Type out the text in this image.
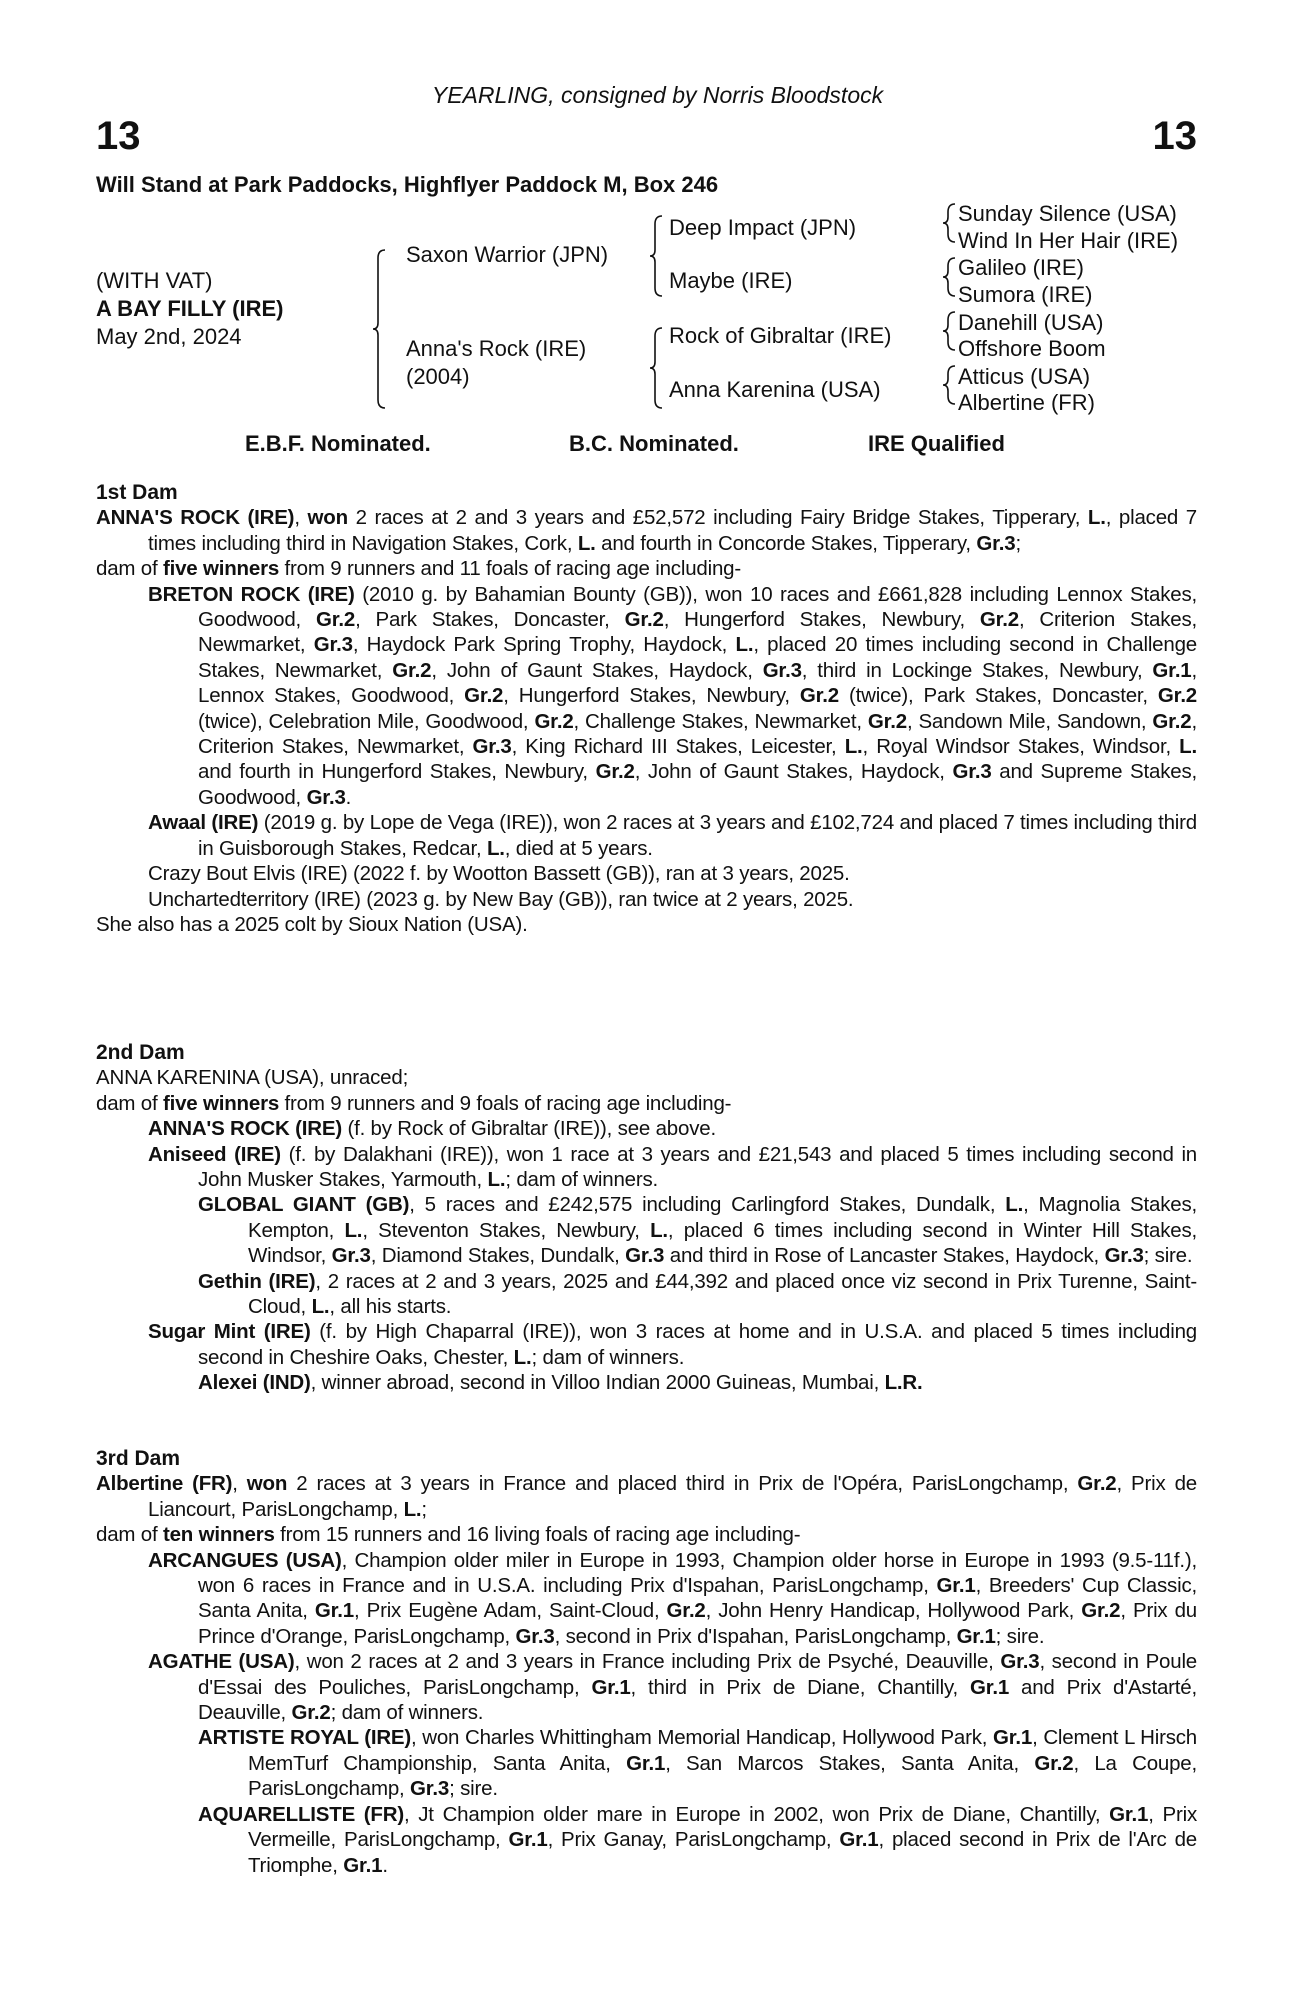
YEARLING, consigned by Norris Bloodstock
13	13
Will Stand at Park Paddocks, Highflyer Paddock M, Box 246
(WITH VAT)
A BAY FILLY (IRE)
May 2nd, 2024
Saxon Warrior (JPN)
Anna's Rock (IRE)
(2004)
Deep Impact (JPN)
Maybe (IRE)
Rock of Gibraltar (IRE)
Anna Karenina (USA)
Sunday Silence (USA)
Wind In Her Hair (IRE)
Galileo (IRE)
Sumora (IRE)
Danehill (USA)
Offshore Boom
Atticus (USA)
Albertine (FR)
E.B.F. Nominated.	B.C. Nominated.	IRE Qualified
1st Dam
ANNA'S ROCK (IRE), won 2 races at 2 and 3 years and £52,572 including Fairy Bridge Stakes, Tipperary, L., placed 7 times including third in Navigation Stakes, Cork, L. and fourth in Concorde Stakes, Tipperary, Gr.3;
dam of five winners from 9 runners and 11 foals of racing age including-
BRETON ROCK (IRE) (2010 g. by Bahamian Bounty (GB)), won 10 races and £661,828 including Lennox Stakes, Goodwood, Gr.2, Park Stakes, Doncaster, Gr.2, Hungerford Stakes, Newbury, Gr.2, Criterion Stakes, Newmarket, Gr.3, Haydock Park Spring Trophy, Haydock, L., placed 20 times including second in Challenge Stakes, Newmarket, Gr.2, John of Gaunt Stakes, Haydock, Gr.3, third in Lockinge Stakes, Newbury, Gr.1, Lennox Stakes, Goodwood, Gr.2, Hungerford Stakes, Newbury, Gr.2 (twice), Park Stakes, Doncaster, Gr.2 (twice), Celebration Mile, Goodwood, Gr.2, Challenge Stakes, Newmarket, Gr.2, Sandown Mile, Sandown, Gr.2, Criterion Stakes, Newmarket, Gr.3, King Richard III Stakes, Leicester, L., Royal Windsor Stakes, Windsor, L. and fourth in Hungerford Stakes, Newbury, Gr.2, John of Gaunt Stakes, Haydock, Gr.3 and Supreme Stakes, Goodwood, Gr.3.
Awaal (IRE) (2019 g. by Lope de Vega (IRE)), won 2 races at 3 years and £102,724 and placed 7 times including third in Guisborough Stakes, Redcar, L., died at 5 years.
Crazy Bout Elvis (IRE) (2022 f. by Wootton Bassett (GB)), ran at 3 years, 2025.
Unchartedterritory (IRE) (2023 g. by New Bay (GB)), ran twice at 2 years, 2025.
She also has a 2025 colt by Sioux Nation (USA).
2nd Dam
ANNA KARENINA (USA), unraced;
dam of five winners from 9 runners and 9 foals of racing age including-
ANNA'S ROCK (IRE) (f. by Rock of Gibraltar (IRE)), see above.
Aniseed (IRE) (f. by Dalakhani (IRE)), won 1 race at 3 years and £21,543 and placed 5 times including second in John Musker Stakes, Yarmouth, L.; dam of winners.
GLOBAL GIANT (GB), 5 races and £242,575 including Carlingford Stakes, Dundalk, L., Magnolia Stakes, Kempton, L., Steventon Stakes, Newbury, L., placed 6 times including second in Winter Hill Stakes, Windsor, Gr.3, Diamond Stakes, Dundalk, Gr.3 and third in Rose of Lancaster Stakes, Haydock, Gr.3; sire.
Gethin (IRE), 2 races at 2 and 3 years, 2025 and £44,392 and placed once viz second in Prix Turenne, Saint-Cloud, L., all his starts.
Sugar Mint (IRE) (f. by High Chaparral (IRE)), won 3 races at home and in U.S.A. and placed 5 times including second in Cheshire Oaks, Chester, L.; dam of winners.
Alexei (IND), winner abroad, second in Villoo Indian 2000 Guineas, Mumbai, L.R.
3rd Dam
Albertine (FR), won 2 races at 3 years in France and placed third in Prix de l'Opéra, ParisLongchamp, Gr.2, Prix de Liancourt, ParisLongchamp, L.;
dam of ten winners from 15 runners and 16 living foals of racing age including-
ARCANGUES (USA), Champion older miler in Europe in 1993, Champion older horse in Europe in 1993 (9.5-11f.), won 6 races in France and in U.S.A. including Prix d'Ispahan, ParisLongchamp, Gr.1, Breeders' Cup Classic, Santa Anita, Gr.1, Prix Eugène Adam, Saint-Cloud, Gr.2, John Henry Handicap, Hollywood Park, Gr.2, Prix du Prince d'Orange, ParisLongchamp, Gr.3, second in Prix d'Ispahan, ParisLongchamp, Gr.1; sire.
AGATHE (USA), won 2 races at 2 and 3 years in France including Prix de Psyché, Deauville, Gr.3, second in Poule d'Essai des Pouliches, ParisLongchamp, Gr.1, third in Prix de Diane, Chantilly, Gr.1 and Prix d'Astarté, Deauville, Gr.2; dam of winners.
ARTISTE ROYAL (IRE), won Charles Whittingham Memorial Handicap, Hollywood Park, Gr.1, Clement L Hirsch MemTurf Championship, Santa Anita, Gr.1, San Marcos Stakes, Santa Anita, Gr.2, La Coupe, ParisLongchamp, Gr.3; sire.
AQUARELLISTE (FR), Jt Champion older mare in Europe in 2002, won Prix de Diane, Chantilly, Gr.1, Prix Vermeille, ParisLongchamp, Gr.1, Prix Ganay, ParisLongchamp, Gr.1, placed second in Prix de l'Arc de Triomphe, Gr.1.
